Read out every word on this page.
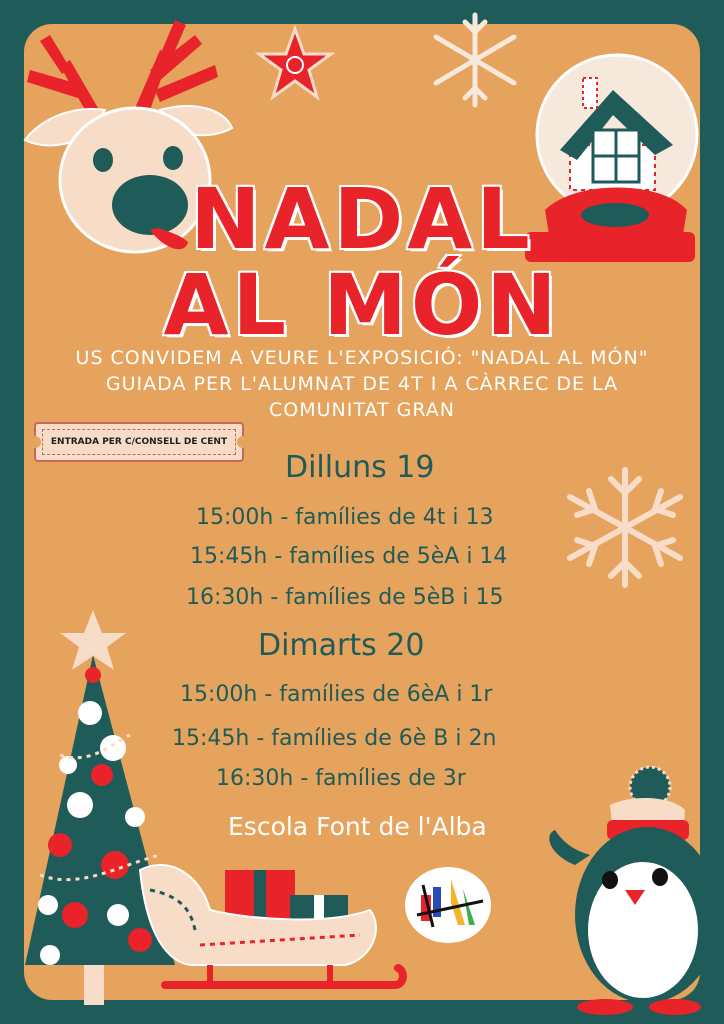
NADAL
AL MÓN
US CONVIDEM A VEURE L'EXPOSICIÓ: "NADAL AL MÓN"
GUIADA PER L'ALUMNAT DE 4T I A CÀRREC DE LA
COMUNITAT GRAN
ENTRADA PER C/CONSELL DE CENT
Dilluns 19
15:00h - famílies de 4t i 13
15:45h - famílies de 5èA i 14
16:30h - famílies de 5èB i 15
Dimarts 20
15:00h - famílies de 6èA i 1r
15:45h - famílies de 6è B i 2n
16:30h - famílies de 3r
Escola Font de l'Alba
